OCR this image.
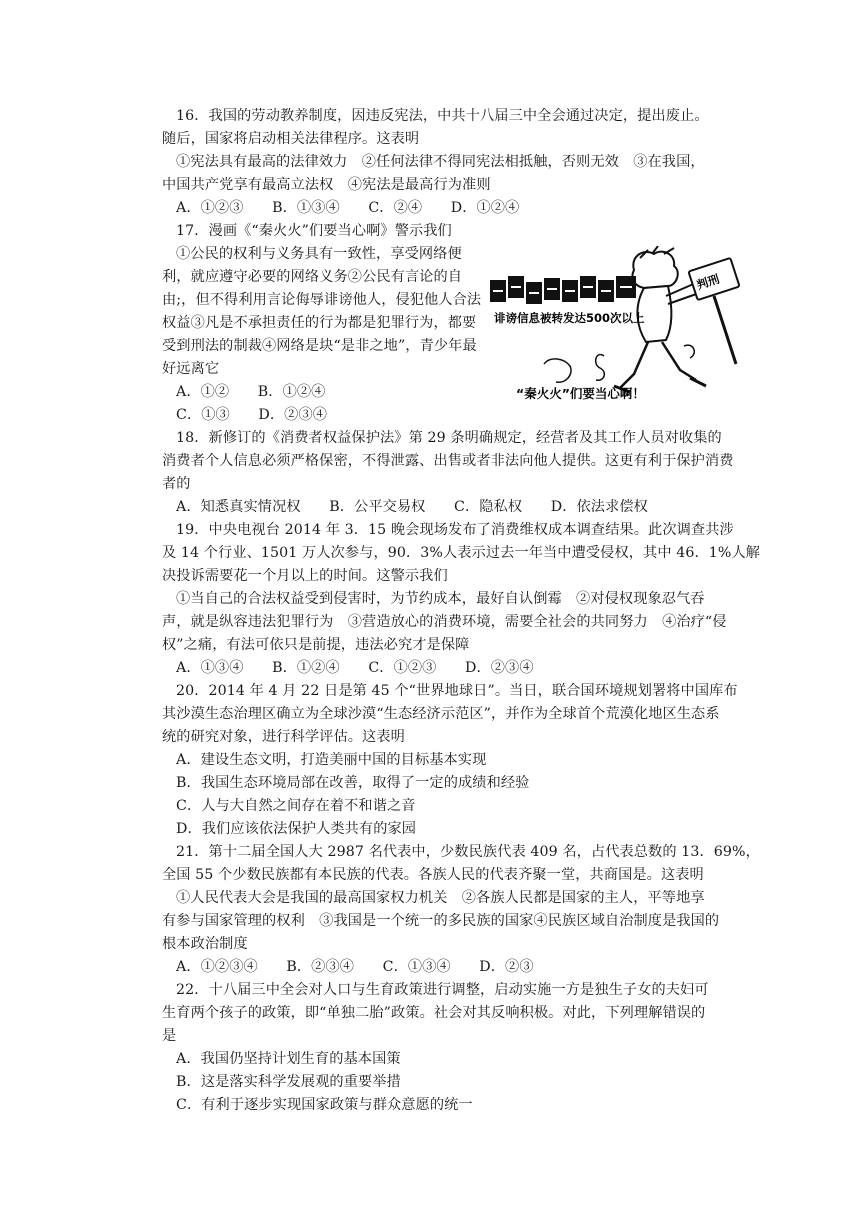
16．我国的劳动教养制度，因违反宪法，中共十八届三中全会通过决定，提出废止。
随后，国家将启动相关法律程序。这表明
①宪法具有最高的法律效力　②任何法律不得同宪法相抵触，否则无效　③在我国，
中国共产党享有最高立法权　④宪法是最高行为准则
A．①②③　　B．①③④　　C．②④　　D．①②④
17．漫画《“秦火火”们要当心啊》警示我们
①公民的权利与义务具有一致性，享受网络便
利，就应遵守必要的网络义务②公民有言论的自
由;，但不得利用言论侮辱诽谤他人，侵犯他人合法
权益③凡是不承担责任的行为都是犯罪行为，都要
受到刑法的制裁④网络是块“是非之地”，青少年最
好远离它
A．①②　　B．①②④
C．①③　　D．②③④
判刑
诽谤信息被转发达500次以上
“秦火火”们要当心啊！
18．新修订的《消费者权益保护法》第 29 条明确规定，经营者及其工作人员对收集的
消费者个人信息必须严格保密，不得泄露、出售或者非法向他人提供。这更有利于保护消费
者的
A．知悉真实情况权　　B．公平交易权　　C．隐私权　　D．依法求偿权
19．中央电视台 2014 年 3．15 晚会现场发布了消费维权成本调查结果。此次调查共涉
及 14 个行业、1501 万人次参与，90．3%人表示过去一年当中遭受侵权，其中 46．1%人解
决投诉需要花一个月以上的时间。这警示我们
①当自己的合法权益受到侵害时，为节约成本，最好自认倒霉　②对侵权现象忍气吞
声，就是纵容违法犯罪行为　③营造放心的消费环境，需要全社会的共同努力　④治疗“侵
权”之痛，有法可依只是前提，违法必究才是保障
A．①③④　　B．①②④　　C．①②③　　D．②③④
20．2014 年 4 月 22 日是第 45 个“世界地球日”。当日，联合国环境规划署将中国库布
其沙漠生态治理区确立为全球沙漠“生态经济示范区”，并作为全球首个荒漠化地区生态系
统的研究对象，进行科学评估。这表明
A．建设生态文明，打造美丽中国的目标基本实现
B．我国生态环境局部在改善，取得了一定的成绩和经验
C．人与大自然之间存在着不和谐之音
D．我们应该依法保护人类共有的家园
21．第十二届全国人大 2987 名代表中，少数民族代表 409 名，占代表总数的 13．69%，
全国 55 个少数民族都有本民族的代表。各族人民的代表齐聚一堂，共商国是。这表明
①人民代表大会是我国的最高国家权力机关　②各族人民都是国家的主人，平等地享
有参与国家管理的权利　③我国是一个统一的多民族的国家④民族区域自治制度是我国的
根本政治制度
A．①②③④　　B．②③④　　C．①③④　　D．②③
22．十八届三中全会对人口与生育政策进行调整，启动实施一方是独生子女的夫妇可
生育两个孩子的政策，即“单独二胎”政策。社会对其反响积极。对此，下列理解错误的
是
A．我国仍坚持计划生育的基本国策
B．这是落实科学发展观的重要举措
C．有利于逐步实现国家政策与群众意愿的统一
